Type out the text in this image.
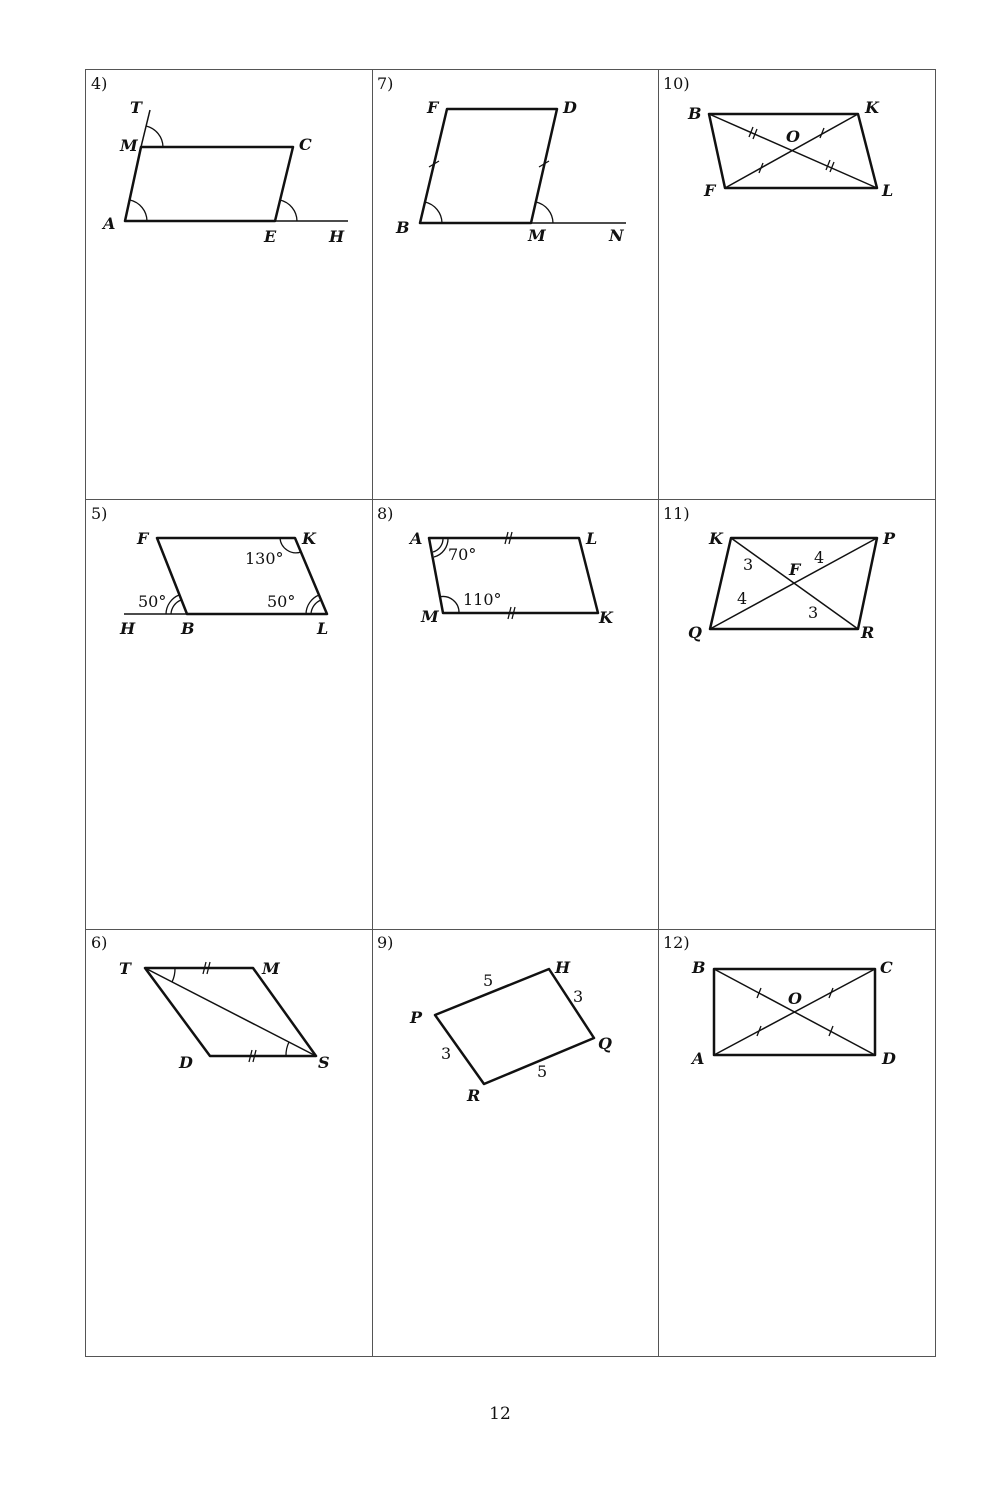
4)
5)
6)
7)
8)
9)
10)
11)
12)
T
M	C
A
E	H
F	K
H	B	L
130°
50°	50°
T	M
D	S
F	D
B	M	N
A	L
M	K
70°
110°
P
H
Q
R
5
3
3
5
B	K
O
F	L
K	P
F
Q	R
3	4
4
3
B	C
O
A	D
12
